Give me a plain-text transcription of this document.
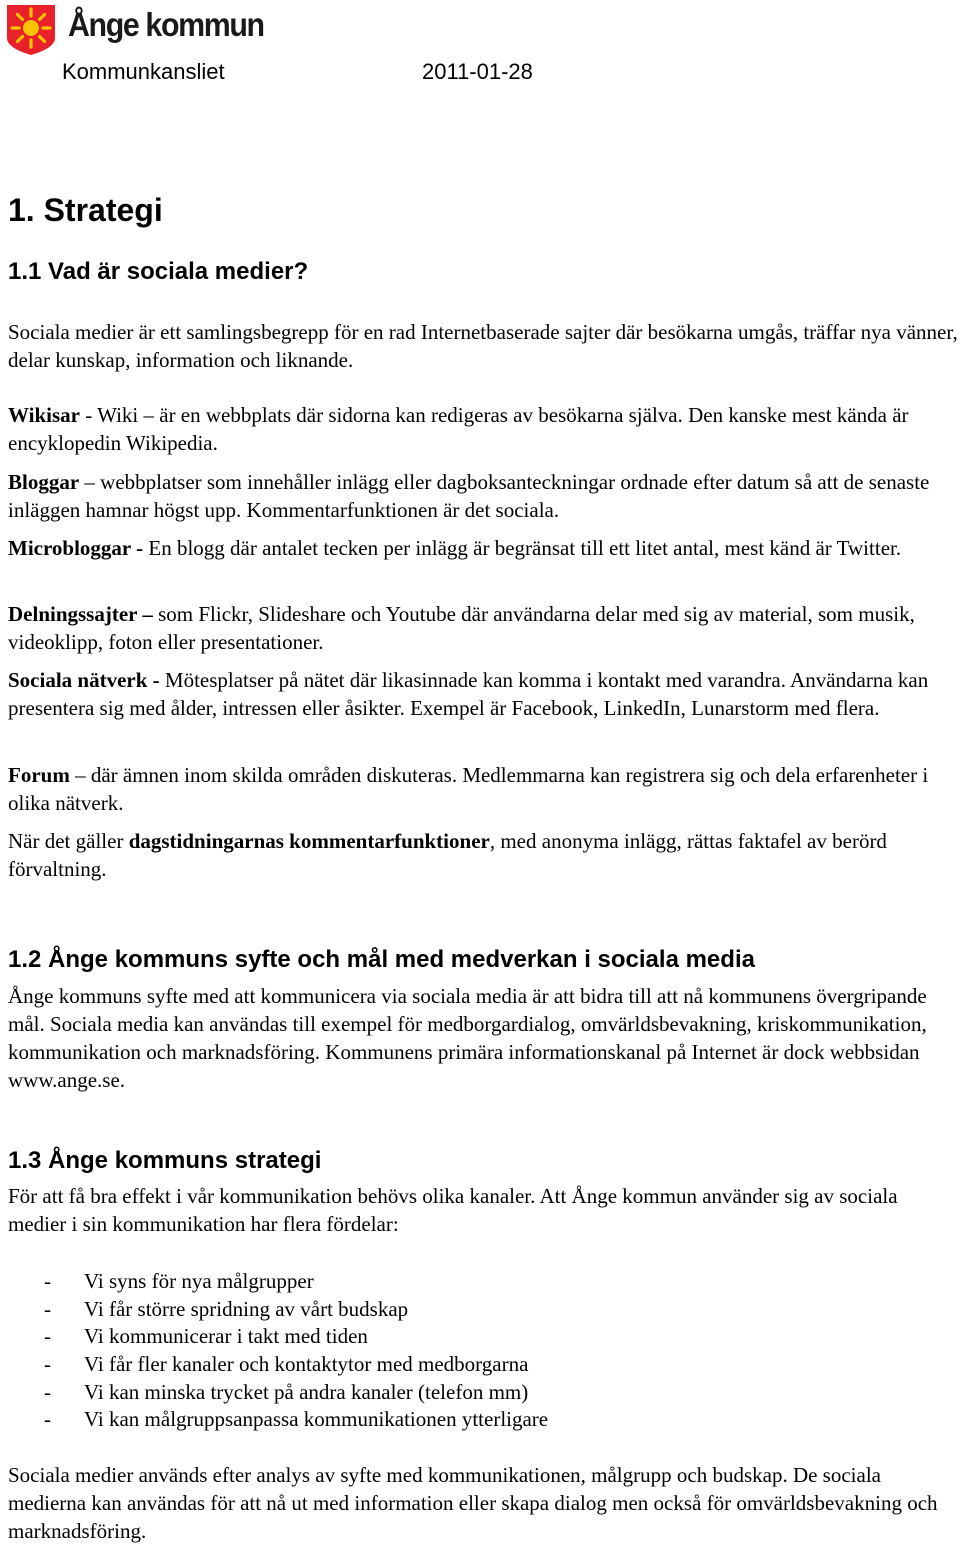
Ånge kommun
Kommunkansliet	2011-01-28
1. Strategi
1.1 Vad är sociala medier?

Sociala medier är ett samlingsbegrepp för en rad Internetbaserade sajter där besökarna umgås, träffar nya vänner, delar kunskap, information och liknande.

Wikisar - Wiki – är en webbplats där sidorna kan redigeras av besökarna själva. Den kanske mest kända är encyklopedin Wikipedia.

Bloggar – webbplatser som innehåller inlägg eller dagboksanteckningar ordnade efter datum så att de senaste inläggen hamnar högst upp. Kommentarfunktionen är det sociala.

Microbloggar - En blogg där antalet tecken per inlägg är begränsat till ett litet antal, mest känd är Twitter.

Delningssajter – som Flickr, Slideshare och Youtube där användarna delar med sig av material, som musik, videoklipp, foton eller presentationer.

Sociala nätverk - Mötesplatser på nätet där likasinnade kan komma i kontakt med varandra. Användarna kan presentera sig med ålder, intressen eller åsikter. Exempel är Facebook, LinkedIn, Lunarstorm med flera.

Forum – där ämnen inom skilda områden diskuteras. Medlemmarna kan registrera sig och dela erfarenheter i olika nätverk.

När det gäller dagstidningarnas kommentarfunktioner, med anonyma inlägg, rättas faktafel av berörd förvaltning.

1.2 Ånge kommuns syfte och mål med medverkan i sociala media

Ånge kommuns syfte med att kommunicera via sociala media är att bidra till att nå kommunens övergripande mål. Sociala media kan användas till exempel för medborgardialog, omvärldsbevakning, kriskommunikation, kommunikation och marknadsföring. Kommunens primära informationskanal på Internet är dock webbsidan www.ange.se.

1.3 Ånge kommuns strategi

För att få bra effekt i vår kommunikation behövs olika kanaler. Att Ånge kommun använder sig av sociala medier i sin kommunikation har flera fördelar:

- Vi syns för nya målgrupper
- Vi får större spridning av vårt budskap
- Vi kommunicerar i takt med tiden
- Vi får fler kanaler och kontaktytor med medborgarna
- Vi kan minska trycket på andra kanaler (telefon mm)
- Vi kan målgruppsanpassa kommunikationen ytterligare

Sociala medier används efter analys av syfte med kommunikationen, målgrupp och budskap. De sociala medierna kan användas för att nå ut med information eller skapa dialog men också för omvärldsbevakning och marknadsföring.
